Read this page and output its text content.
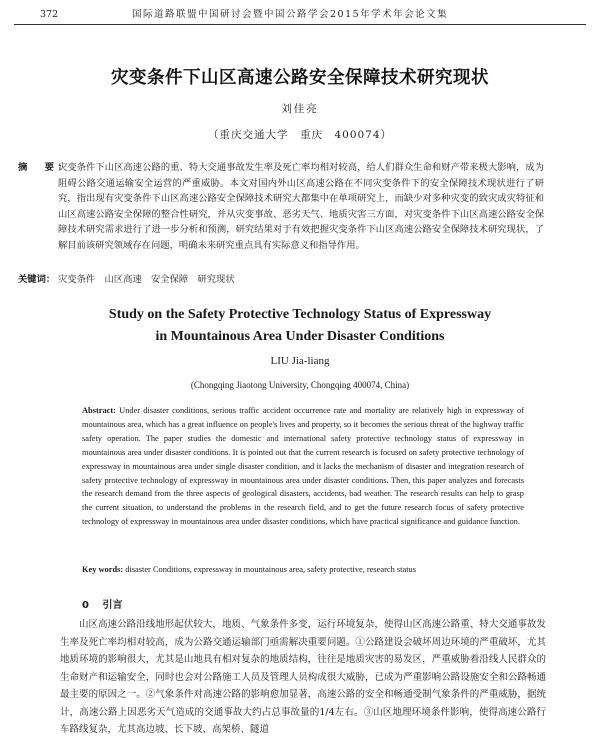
372	国际道路联盟中国研讨会暨中国公路学会2015年学术年会论文集
灾变条件下山区高速公路安全保障技术研究现状
刘佳亮
（重庆交通大学　重庆　400074）
摘　要：
灾变条件下山区高速公路的重、特大交通事故发生率及死亡率均相对较高，给人们群众生命和财产带来极大影响，成为阻碍公路交通运输安全运营的严重威胁。本文对国内外山区高速公路在不同灾变条件下的安全保障技术现状进行了研究，指出现有灾变条件下山区高速公路安全保障技术研究大都集中在单项研究上，而缺少对多种灾变的致灾成灾特征和山区高速公路安全保障的整合性研究，并从灾变事故、恶劣天气、地质灾害三方面，对灾变条件下山区高速公路安全保障技术研究需求进行了进一步分析和预测，研究结果对于有效把握灾变条件下山区高速公路安全保障技术研究现状，了解目前该研究领域存在问题，明确未来研究重点具有实际意义和指导作用。
关键词： 灾变条件　山区高速　安全保障　研究现状
Study on the Safety Protective Technology Status of Expressway
in Mountainous Area Under Disaster Conditions
LIU Jia-liang
(Chongqing Jiaotong University, Chongqing 400074, China)
Abstract: Under disaster conditions, serious traffic accident occurrence rate and mortality are relatively high in expressway of mountainous area, which has a great influence on people's lives and property, so it becomes the serious threat of the highway traffic safety operation. The paper studies the domestic and international safety protective technology status of expressway in mountainous area under disaster conditions. It is pointed out that the current research is focused on safety protective technology of expressway in mountainous area under single disaster condition, and it lacks the mechanism of disaster and integration research of safety protective technology of expressway in mountainous area under disaster conditions. Then, this paper analyzes and forecasts the research demand from the three aspects of geological disasters, accidents, bad weather. The research results can help to grasp the current situation, to understand the problems in the research field, and to get the future research focus of safety protective technology of expressway in mountainous area under disaster conditions, which have practical significance and guidance function.
Key words: disaster Conditions, expressway in mountainous area, safety protective, research status
0 引言
山区高速公路沿线地形起伏较大，地质、气象条件多变，运行环境复杂，使得山区高速公路重、特大交通事故发生率及死亡率均相对较高，成为公路交通运输部门亟需解决重要问题。①公路建设会破坏周边环境的严重破坏，尤其地质环境的影响很大，尤其是山地具有相对复杂的地质结构，往往是地质灾害的易发区，严重威胁着沿线人民群众的生命财产和运输安全，同时也会对公路施工人员及管理人员构成很大威胁，已成为严重影响公路设施安全和公路畅通最主要的原因之一。②气象条件对高速公路的影响愈加显著，高速公路的安全和畅通受制气象条件的严重威胁，据统计，高速公路上因恶劣天气造成的交通事故大约占总事故量的1/4左右。③山区地理环境条件影响，使得高速公路行车路线复杂，尤其高边坡、长下坡、高架桥、隧道
